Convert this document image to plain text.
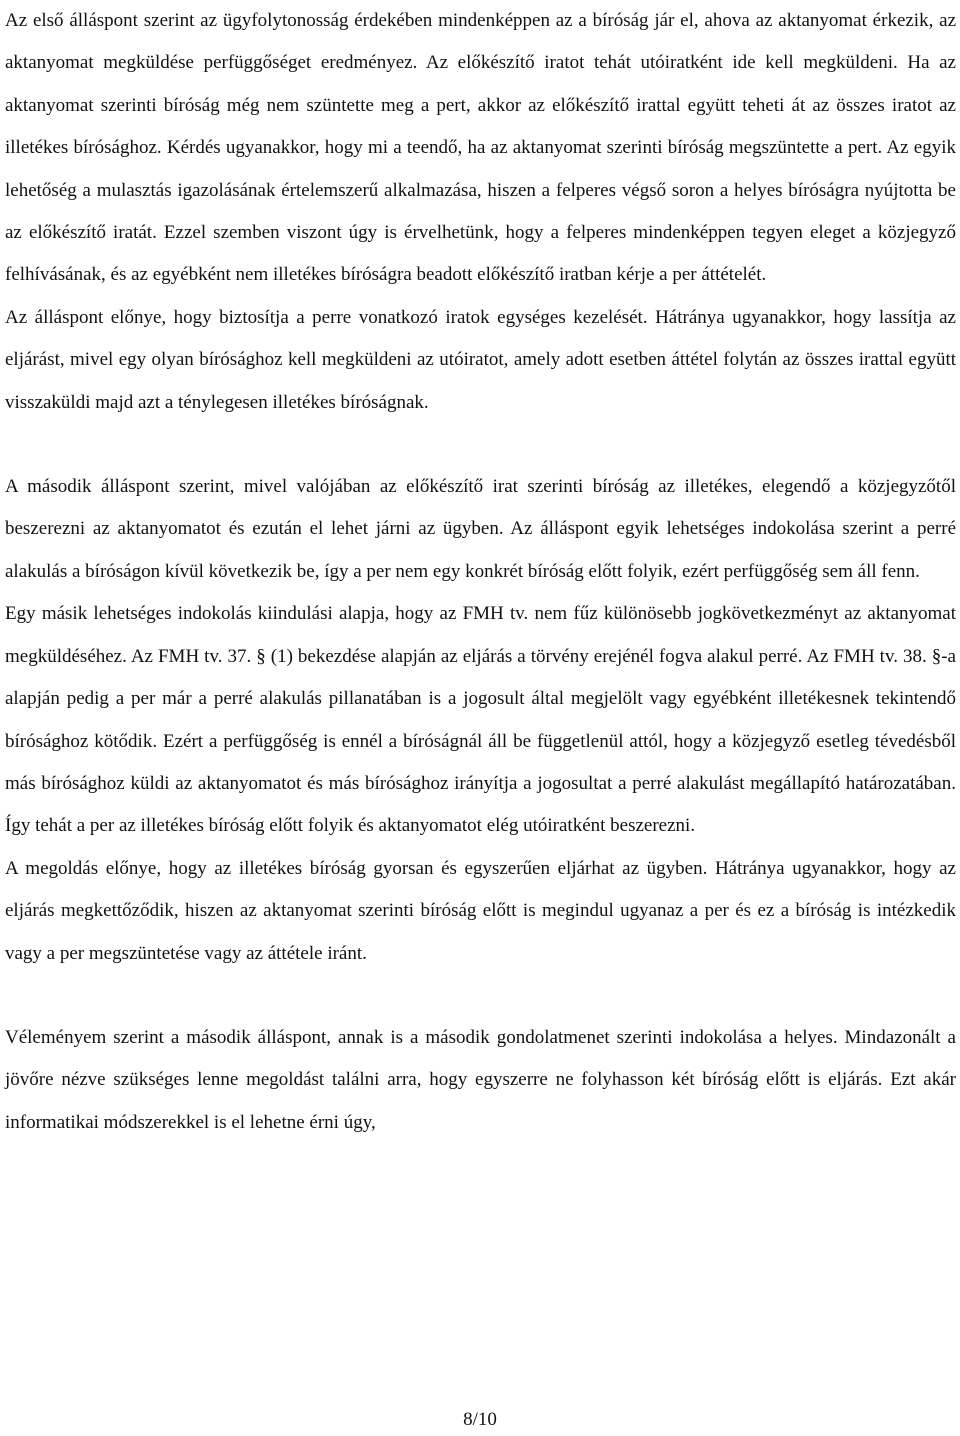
Az első álláspont szerint az ügyfolytonosság érdekében mindenképpen az a bíróság jár el, ahova az aktanyomat érkezik, az aktanyomat megküldése perfüggőséget eredményez. Az előkészítő iratot tehát utóiratként ide kell megküldeni. Ha az aktanyomat szerinti bíróság még nem szüntette meg a pert, akkor az előkészítő irattal együtt teheti át az összes iratot az illetékes bírósághoz. Kérdés ugyanakkor, hogy mi a teendő, ha az aktanyomat szerinti bíróság megszüntette a pert. Az egyik lehetőség a mulasztás igazolásának értelemszerű alkalmazása, hiszen a felperes végső soron a helyes bíróságra nyújtotta be az előkészítő iratát. Ezzel szemben viszont úgy is érvelhetünk, hogy a felperes mindenképpen tegyen eleget a közjegyző felhívásának, és az egyébként nem illetékes bíróságra beadott előkészítő iratban kérje a per áttételét.

Az álláspont előnye, hogy biztosítja a perre vonatkozó iratok egységes kezelését. Hátránya ugyanakkor, hogy lassítja az eljárást, mivel egy olyan bírósághoz kell megküldeni az utóiratot, amely adott esetben áttétel folytán az összes irattal együtt visszaküldi majd azt a ténylegesen illetékes bíróságnak.

A második álláspont szerint, mivel valójában az előkészítő irat szerinti bíróság az illetékes, elegendő a közjegyzőtől beszerezni az aktanyomatot és ezután el lehet járni az ügyben. Az álláspont egyik lehetséges indokolása szerint a perré alakulás a bíróságon kívül következik be, így a per nem egy konkrét bíróság előtt folyik, ezért perfüggőség sem áll fenn.

Egy másik lehetséges indokolás kiindulási alapja, hogy az FMH tv. nem fűz különösebb jogkövetkezményt az aktanyomat megküldéséhez. Az FMH tv. 37. § (1) bekezdése alapján az eljárás a törvény erejénél fogva alakul perré. Az FMH tv. 38. §-a alapján pedig a per már a perré alakulás pillanatában is a jogosult által megjelölt vagy egyébként illetékesnek tekintendő bírósághoz kötődik. Ezért a perfüggőség is ennél a bíróságnál áll be függetlenül attól, hogy a közjegyző esetleg tévedésből más bírósághoz küldi az aktanyomatot és más bírósághoz irányítja a jogosultat a perré alakulást megállapító határozatában. Így tehát a per az illetékes bíróság előtt folyik és aktanyomatot elég utóiratként beszerezni.

A megoldás előnye, hogy az illetékes bíróság gyorsan és egyszerűen eljárhat az ügyben. Hátránya ugyanakkor, hogy az eljárás megkettőződik, hiszen az aktanyomat szerinti bíróság előtt is megindul ugyanaz a per és ez a bíróság is intézkedik vagy a per megszüntetése vagy az áttétele iránt.

Véleményem szerint a második álláspont, annak is a második gondolatmenet szerinti indokolása a helyes. Mindazonált a jövőre nézve szükséges lenne megoldást találni arra, hogy egyszerre ne folyhasson két bíróság előtt is eljárás. Ezt akár informatikai módszerekkel is el lehetne érni úgy,

8/10
